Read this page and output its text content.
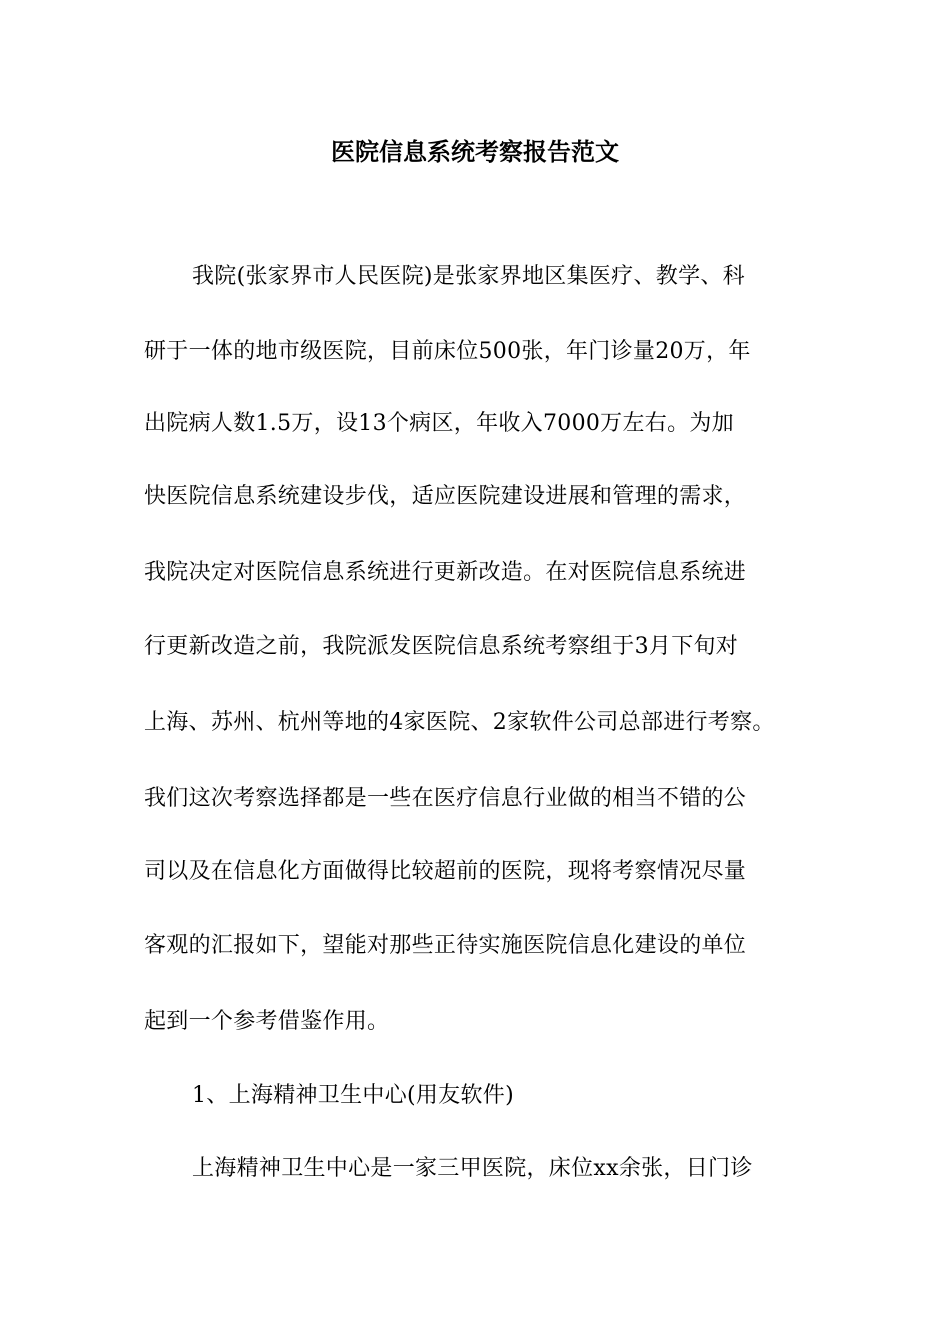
医院信息系统考察报告范文
我院(张家界市人民医院)是张家界地区集医疗、教学、科
研于一体的地市级医院，目前床位500张，年门诊量20万，年
出院病人数1.5万，设13个病区，年收入7000万左右。为加
快医院信息系统建设步伐，适应医院建设进展和管理的需求，
我院决定对医院信息系统进行更新改造。在对医院信息系统进
行更新改造之前，我院派发医院信息系统考察组于3月下旬对
上海、苏州、杭州等地的4家医院、2家软件公司总部进行考察。
我们这次考察选择都是一些在医疗信息行业做的相当不错的公
司以及在信息化方面做得比较超前的医院，现将考察情况尽量
客观的汇报如下，望能对那些正待实施医院信息化建设的单位
起到一个参考借鉴作用。
1、上海精神卫生中心(用友软件)
上海精神卫生中心是一家三甲医院，床位xx余张，日门诊
